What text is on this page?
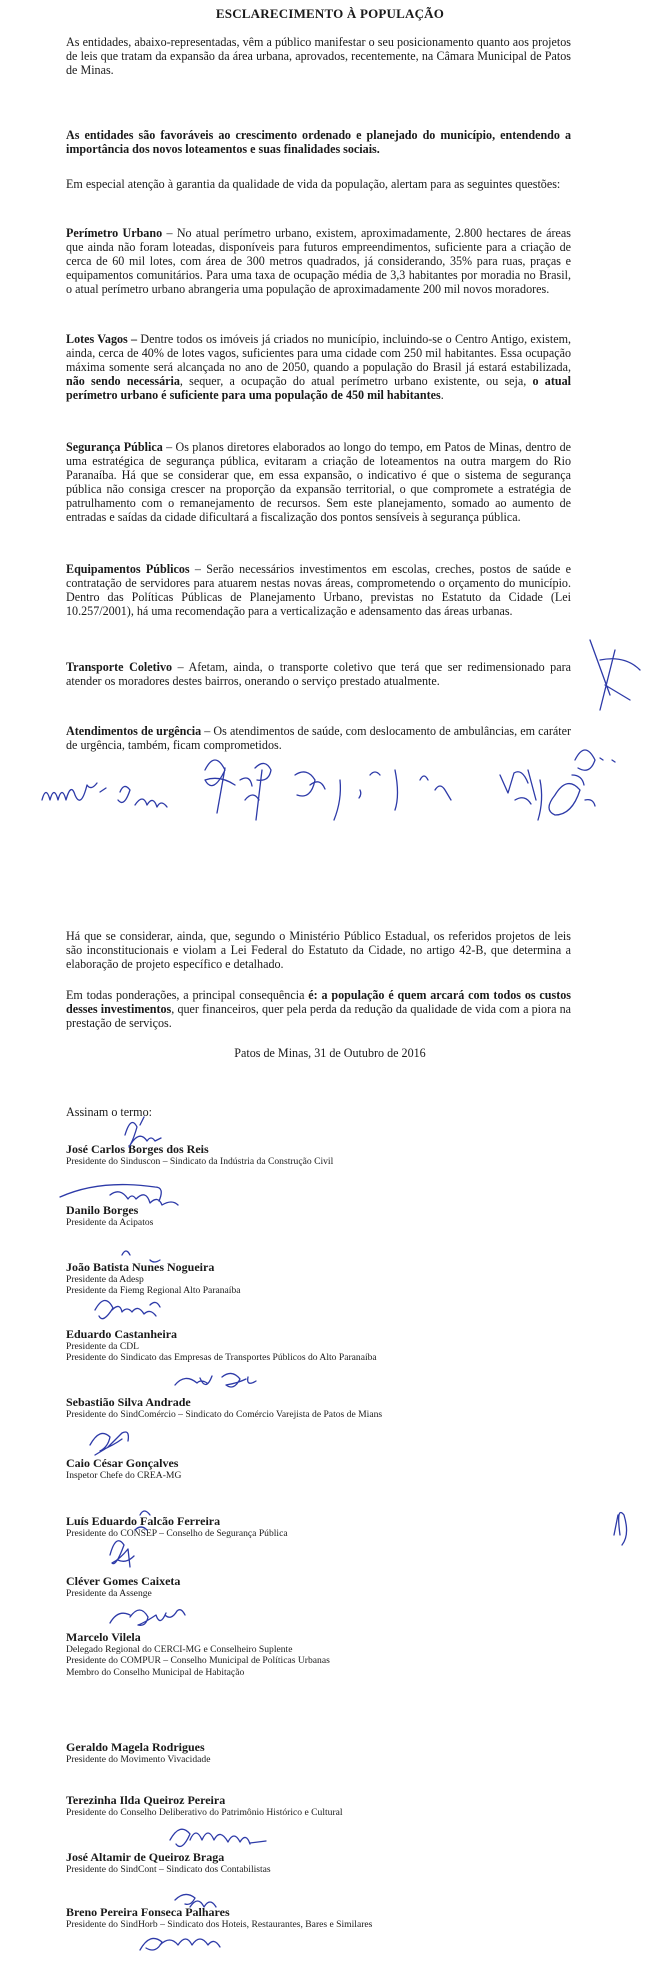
ESCLARECIMENTO À POPULAÇÃO

As entidades, abaixo-representadas, vêm a público manifestar o seu posicionamento quanto aos projetos de leis que tratam da expansão da área urbana, aprovados, recentemente, na Câmara Municipal de Patos de Minas.

As entidades são favoráveis ao crescimento ordenado e planejado do município, entendendo a importância dos novos loteamentos e suas finalidades sociais.

Em especial atenção à garantia da qualidade de vida da população, alertam para as seguintes questões:

Perímetro Urbano – No atual perímetro urbano, existem, aproximadamente, 2.800 hectares de áreas que ainda não foram loteadas, disponíveis para futuros empreendimentos, suficiente para a criação de cerca de 60 mil lotes, com área de 300 metros quadrados, já considerando, 35% para ruas, praças e equipamentos comunitários. Para uma taxa de ocupação média de 3,3 habitantes por moradia no Brasil, o atual perímetro urbano abrangeria uma população de aproximadamente 200 mil novos moradores.

Lotes Vagos – Dentre todos os imóveis já criados no município, incluindo-se o Centro Antigo, existem, ainda, cerca de 40% de lotes vagos, suficientes para uma cidade com 250 mil habitantes. Essa ocupação máxima somente será alcançada no ano de 2050, quando a população do Brasil já estará estabilizada, não sendo necessária, sequer, a ocupação do atual perímetro urbano existente, ou seja, o atual perímetro urbano é suficiente para uma população de 450 mil habitantes.

Segurança Pública – Os planos diretores elaborados ao longo do tempo, em Patos de Minas, dentro de uma estratégica de segurança pública, evitaram a criação de loteamentos na outra margem do Rio Paranaíba. Há que se considerar que, em essa expansão, o indicativo é que o sistema de segurança pública não consiga crescer na proporção da expansão territorial, o que compromete a estratégia de patrulhamento com o remanejamento de recursos. Sem este planejamento, somado ao aumento de entradas e saídas da cidade dificultará a fiscalização dos pontos sensíveis à segurança pública.

Equipamentos Públicos – Serão necessários investimentos em escolas, creches, postos de saúde e contratação de servidores para atuarem nestas novas áreas, comprometendo o orçamento do município. Dentro das Políticas Públicas de Planejamento Urbano, previstas no Estatuto da Cidade (Lei 10.257/2001), há uma recomendação para a verticalização e adensamento das áreas urbanas.

Transporte Coletivo – Afetam, ainda, o transporte coletivo que terá que ser redimensionado para atender os moradores destes bairros, onerando o serviço prestado atualmente.

Atendimentos de urgência – Os atendimentos de saúde, com deslocamento de ambulâncias, em caráter de urgência, também, ficam comprometidos.

Há que se considerar, ainda, que, segundo o Ministério Público Estadual, os referidos projetos de leis são inconstitucionais e violam a Lei Federal do Estatuto da Cidade, no artigo 42-B, que determina a elaboração de projeto específico e detalhado.

Em todas ponderações, a principal consequência é: a população é quem arcará com todos os custos desses investimentos, quer financeiros, quer pela perda da redução da qualidade de vida com a piora na prestação de serviços.

Patos de Minas, 31 de Outubro de 2016

Assinam o termo:

José Carlos Borges dos Reis

Presidente do Sinduscon – Sindicato da Indústria da Construção Civil

Danilo Borges

Presidente da Acipatos

João Batista Nunes Nogueira

Presidente da Adesp

Presidente da Fiemg Regional Alto Paranaíba

Eduardo Castanheira

Presidente da CDL

Presidente do Sindicato das Empresas de Transportes Públicos do Alto Paranaíba

Sebastião Silva Andrade

Presidente do SindComércio – Sindicato do Comércio Varejista de Patos de Mians

Caio César Gonçalves

Inspetor Chefe do CREA-MG

Luís Eduardo Falcão Ferreira

Presidente do CONSEP – Conselho de Segurança Pública

Cléver Gomes Caixeta

Presidente da Assenge

Marcelo Vilela

Delegado Regional do CERCI-MG e Conselheiro Suplente

Presidente do COMPUR – Conselho Municipal de Políticas Urbanas

Membro do Conselho Municipal de Habitação

Geraldo Magela Rodrigues

Presidente do Movimento Vivacidade

Terezinha Ilda Queiroz Pereira

Presidente do Conselho Deliberativo do Patrimônio Histórico e Cultural

José Altamir de Queiroz Braga

Presidente do SindCont – Sindicato dos Contabilistas

Breno Pereira Fonseca Palhares

Presidente do SindHorb – Sindicato dos Hoteis, Restaurantes, Bares e Similares
